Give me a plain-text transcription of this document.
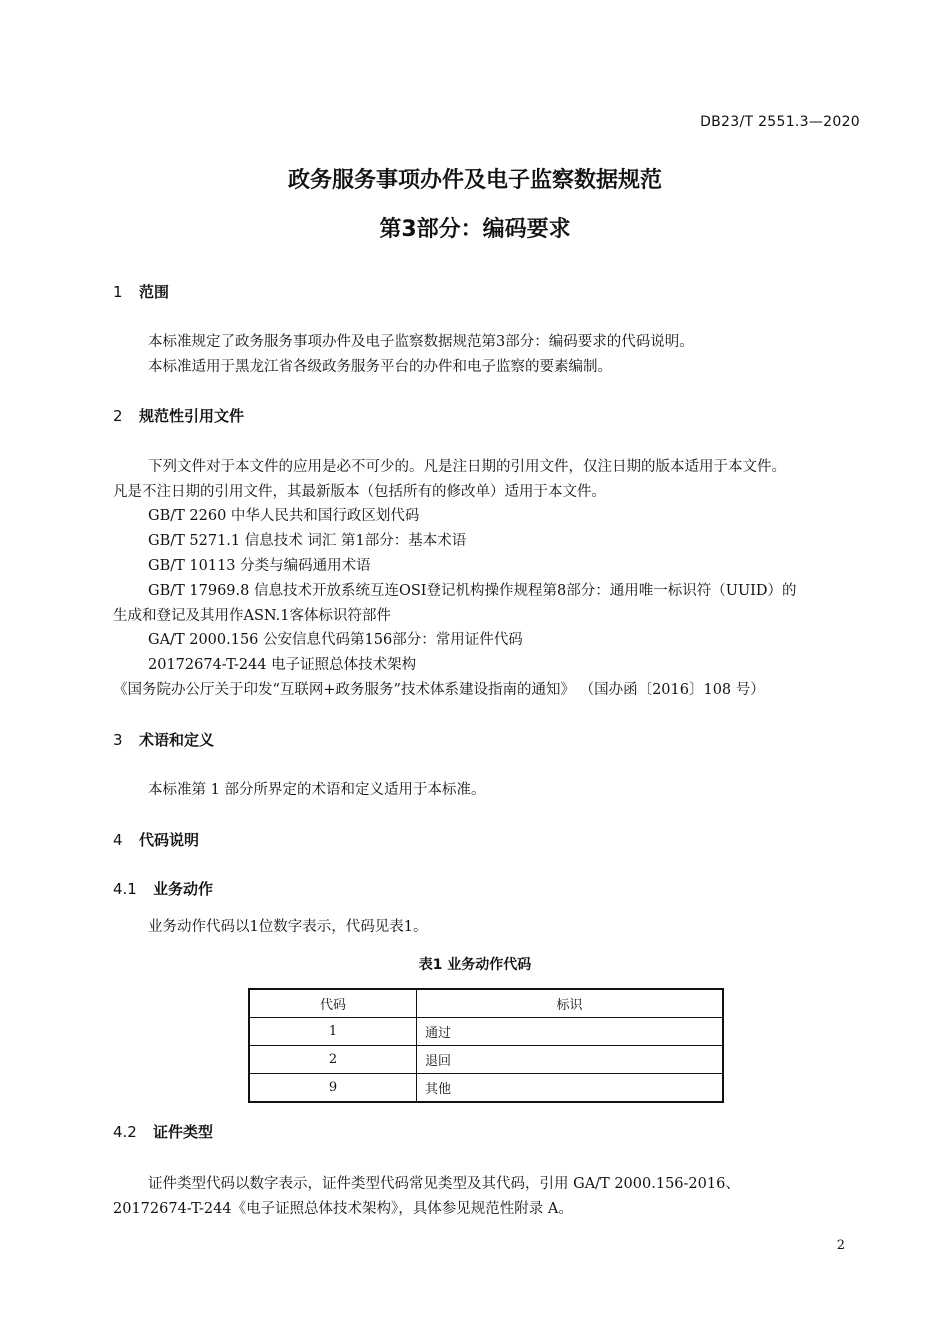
DB23/T 2551.3—2020
政务服务事项办件及电子监察数据规范
第3部分：编码要求
1 范围
本标准规定了政务服务事项办件及电子监察数据规范第3部分：编码要求的代码说明。
本标准适用于黑龙江省各级政务服务平台的办件和电子监察的要素编制。
2 规范性引用文件
下列文件对于本文件的应用是必不可少的。凡是注日期的引用文件，仅注日期的版本适用于本文件。
凡是不注日期的引用文件，其最新版本（包括所有的修改单）适用于本文件。
GB/T 2260 中华人民共和国行政区划代码
GB/T 5271.1 信息技术 词汇 第1部分：基本术语
GB/T 10113 分类与编码通用术语
GB/T 17969.8 信息技术开放系统互连OSI登记机构操作规程第8部分：通用唯一标识符（UUID）的
生成和登记及其用作ASN.1客体标识符部件
GA/T 2000.156 公安信息代码第156部分：常用证件代码
20172674-T-244 电子证照总体技术架构
《国务院办公厅关于印发“互联网+政务服务”技术体系建设指南的通知》 （国办函〔2016〕108 号）
3 术语和定义
本标准第 1 部分所界定的术语和定义适用于本标准。
4 代码说明
4.1 业务动作
业务动作代码以1位数字表示，代码见表1。
表1 业务动作代码
代码	标识
1	通过
2	退回
9	其他
4.2 证件类型
证件类型代码以数字表示，证件类型代码常见类型及其代码，引用 GA/T 2000.156-2016、
20172674-T-244《电子证照总体技术架构》，具体参见规范性附录 A。
2
